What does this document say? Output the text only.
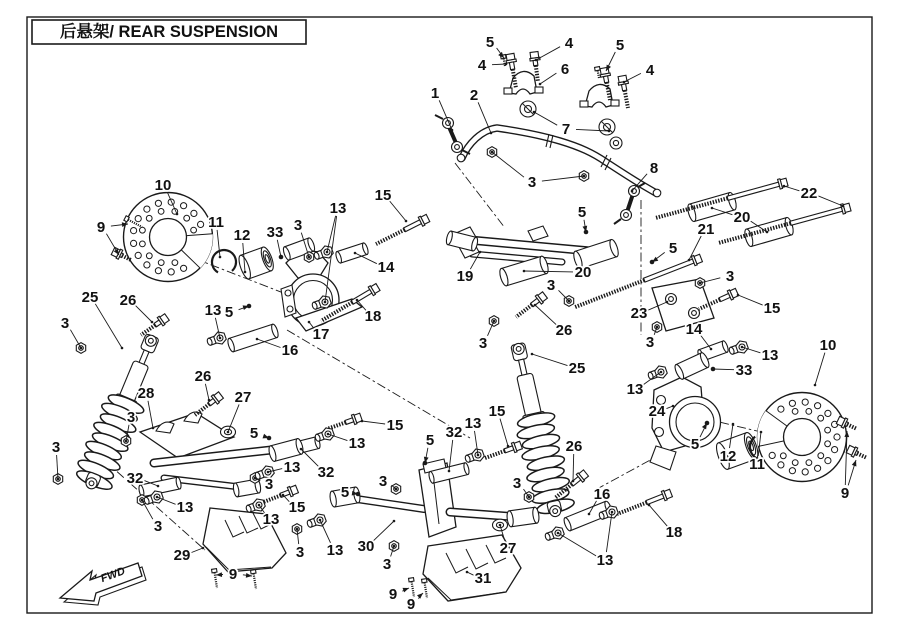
后悬架/ REAR SUSPENSION
1 2
3
4
4
4
5	5
6
7
8
22
20
21
5
15
3
19
5
20
3
23
26
3	3
25
13
24
14
13
33
10
5
12 11
9
10
9	11
12 33 3
13
15
14
18
17
16
13 5
25 26
3
26
27
28
3
3
32
13
3
29
9
5
13 32
13
3
15
13
3 13 30
5
3
3
9
9
31
27
3
15
15
13
5 32
26
16
18
13
FWD
